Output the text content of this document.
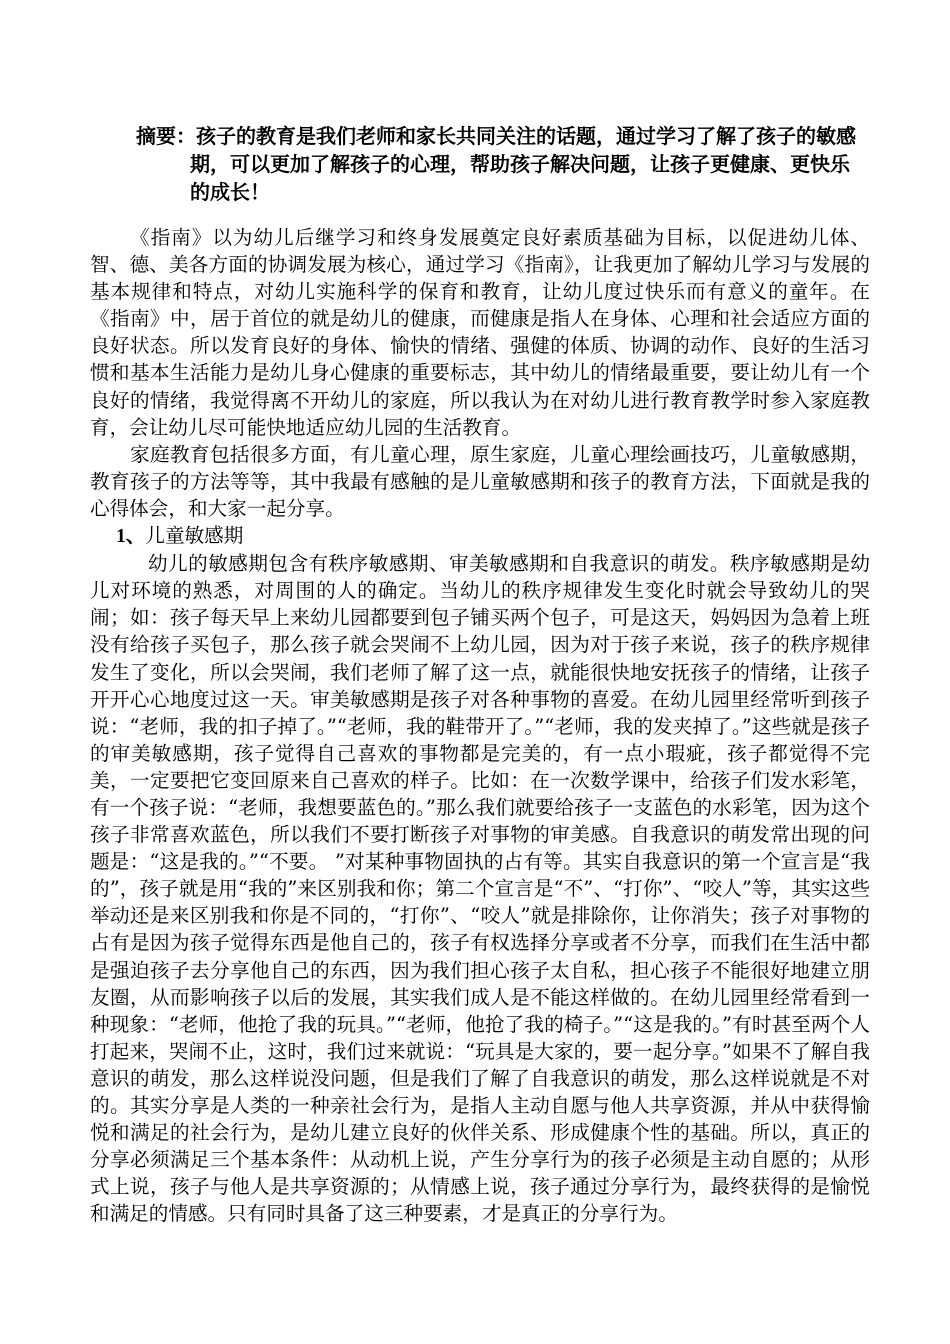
摘要：孩子的教育是我们老师和家长共同关注的话题，通过学习了解了孩子的敏感期，可以更加了解孩子的心理，帮助孩子解决问题，让孩子更健康、更快乐的成长！

《指南》以为幼儿后继学习和终身发展奠定良好素质基础为目标，以促进幼儿体、智、德、美各方面的协调发展为核心，通过学习《指南》，让我更加了解幼儿学习与发展的基本规律和特点，对幼儿实施科学的保育和教育，让幼儿度过快乐而有意义的童年。在《指南》中，居于首位的就是幼儿的健康，而健康是指人在身体、心理和社会适应方面的良好状态。所以发育良好的身体、愉快的情绪、强健的体质、协调的动作、良好的生活习惯和基本生活能力是幼儿身心健康的重要标志，其中幼儿的情绪最重要，要让幼儿有一个良好的情绪，我觉得离不开幼儿的家庭，所以我认为在对幼儿进行教育教学时参入家庭教育，会让幼儿尽可能快地适应幼儿园的生活教育。

家庭教育包括很多方面，有儿童心理，原生家庭，儿童心理绘画技巧，儿童敏感期，教育孩子的方法等等，其中我最有感触的是儿童敏感期和孩子的教育方法，下面就是我的心得体会，和大家一起分享。

1、儿童敏感期

幼儿的敏感期包含有秩序敏感期、审美敏感期和自我意识的萌发。秩序敏感期是幼儿对环境的熟悉，对周围的人的确定。当幼儿的秩序规律发生变化时就会导致幼儿的哭闹；如：孩子每天早上来幼儿园都要到包子铺买两个包子，可是这天，妈妈因为急着上班没有给孩子买包子，那么孩子就会哭闹不上幼儿园，因为对于孩子来说，孩子的秩序规律发生了变化，所以会哭闹，我们老师了解了这一点，就能很快地安抚孩子的情绪，让孩子开开心心地度过这一天。审美敏感期是孩子对各种事物的喜爱。在幼儿园里经常听到孩子说：“老师，我的扣子掉了。”“老师，我的鞋带开了。”“老师，我的发夹掉了。”这些就是孩子的审美敏感期，孩子觉得自己喜欢的事物都是完美的，有一点小瑕疵，孩子都觉得不完美，一定要把它变回原来自己喜欢的样子。比如：在一次数学课中，给孩子们发水彩笔，有一个孩子说：“老师，我想要蓝色的。”那么我们就要给孩子一支蓝色的水彩笔，因为这个孩子非常喜欢蓝色，所以我们不要打断孩子对事物的审美感。自我意识的萌发常出现的问题是：“这是我的。”“不要。 ”对某种事物固执的占有等。其实自我意识的第一个宣言是“我的”，孩子就是用“我的”来区别我和你；第二个宣言是“不”、“打你”、“咬人”等，其实这些举动还是来区别我和你是不同的，“打你”、“咬人”就是排除你，让你消失；孩子对事物的占有是因为孩子觉得东西是他自己的，孩子有权选择分享或者不分享，而我们在生活中都是强迫孩子去分享他自己的东西，因为我们担心孩子太自私，担心孩子不能很好地建立朋友圈，从而影响孩子以后的发展，其实我们成人是不能这样做的。在幼儿园里经常看到一种现象：“老师，他抢了我的玩具。”“老师，他抢了我的椅子。”“这是我的。”有时甚至两个人打起来，哭闹不止，这时，我们过来就说：“玩具是大家的，要一起分享。”如果不了解自我意识的萌发，那么这样说没问题，但是我们了解了自我意识的萌发，那么这样说就是不对的。其实分享是人类的一种亲社会行为，是指人主动自愿与他人共享资源，并从中获得愉悦和满足的社会行为，是幼儿建立良好的伙伴关系、形成健康个性的基础。所以，真正的分享必须满足三个基本条件：从动机上说，产生分享行为的孩子必须是主动自愿的；从形式上说，孩子与他人是共享资源的；从情感上说，孩子通过分享行为，最终获得的是愉悦和满足的情感。只有同时具备了这三种要素，才是真正的分享行为。
